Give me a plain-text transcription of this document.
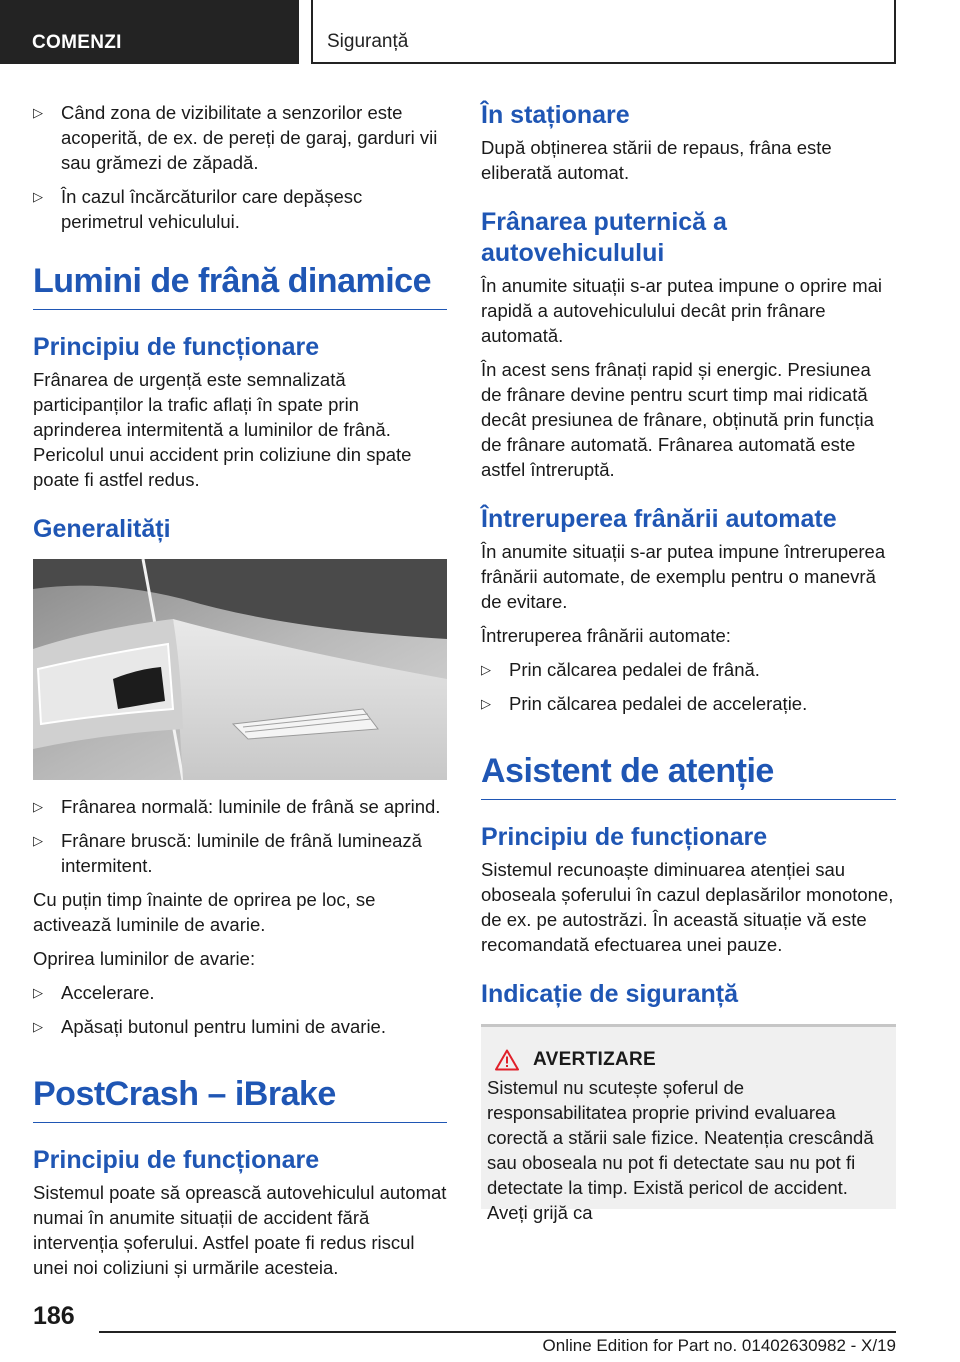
COMENZI	Siguranță
▷ Când zona de vizibilitate a senzorilor este acoperită, de ex. de pereți de garaj, garduri vii sau grămezi de zăpadă.
▷ În cazul încărcăturilor care depășesc perimetrul vehiculului.
Lumini de frână dinamice
Principiu de funcționare

Frânarea de urgență este semnalizată participanților la trafic aflați în spate prin aprinderea intermitentă a luminilor de frână. Pericolul unui accident prin coliziune din spate poate fi astfel redus.

Generalități
▷ Frânarea normală: luminile de frână se aprind.
▷ Frânare bruscă: luminile de frână luminează intermitent.

Cu puțin timp înainte de oprirea pe loc, se activează luminile de avarie.

Oprirea luminilor de avarie:

▷ Accelerare.
▷ Apăsați butonul pentru lumini de avarie.
PostCrash – iBrake
Principiu de funcționare

Sistemul poate să oprească autovehiculul automat numai în anumite situații de accident fără intervenția șoferului. Astfel poate fi redus riscul unei noi coliziuni și urmările acesteia.

În staționare

După obținerea stării de repaus, frâna este eliberată automat.

Frânarea puternică a autovehiculului

În anumite situații s-ar putea impune o oprire mai rapidă a autovehiculului decât prin frânare automată.

În acest sens frânați rapid și energic. Presiunea de frânare devine pentru scurt timp mai ridicată decât presiunea de frânare, obținută prin funcția de frânare automată. Frânarea automată este astfel întreruptă.

Întreruperea frânării automate

În anumite situații s-ar putea impune întreruperea frânării automate, de exemplu pentru o manevră de evitare.

Întreruperea frânării automate:

▷ Prin călcarea pedalei de frână.
▷ Prin călcarea pedalei de accelerație.
Asistent de atenție
Principiu de funcționare

Sistemul recunoaște diminuarea atenției sau oboseala șoferului în cazul deplasărilor monotone, de ex. pe autostrăzi. În această situație vă este recomandată efectuarea unei pauze.

Indicație de siguranță
AVERTIZARE

Sistemul nu scutește șoferul de responsabilitatea proprie privind evaluarea corectă a stării sale fizice. Neatenția crescândă sau oboseala nu pot fi detectate sau nu pot fi detectate la timp. Există pericol de accident. Aveți grijă ca

186
Online Edition for Part no. 01402630982 - X/19
